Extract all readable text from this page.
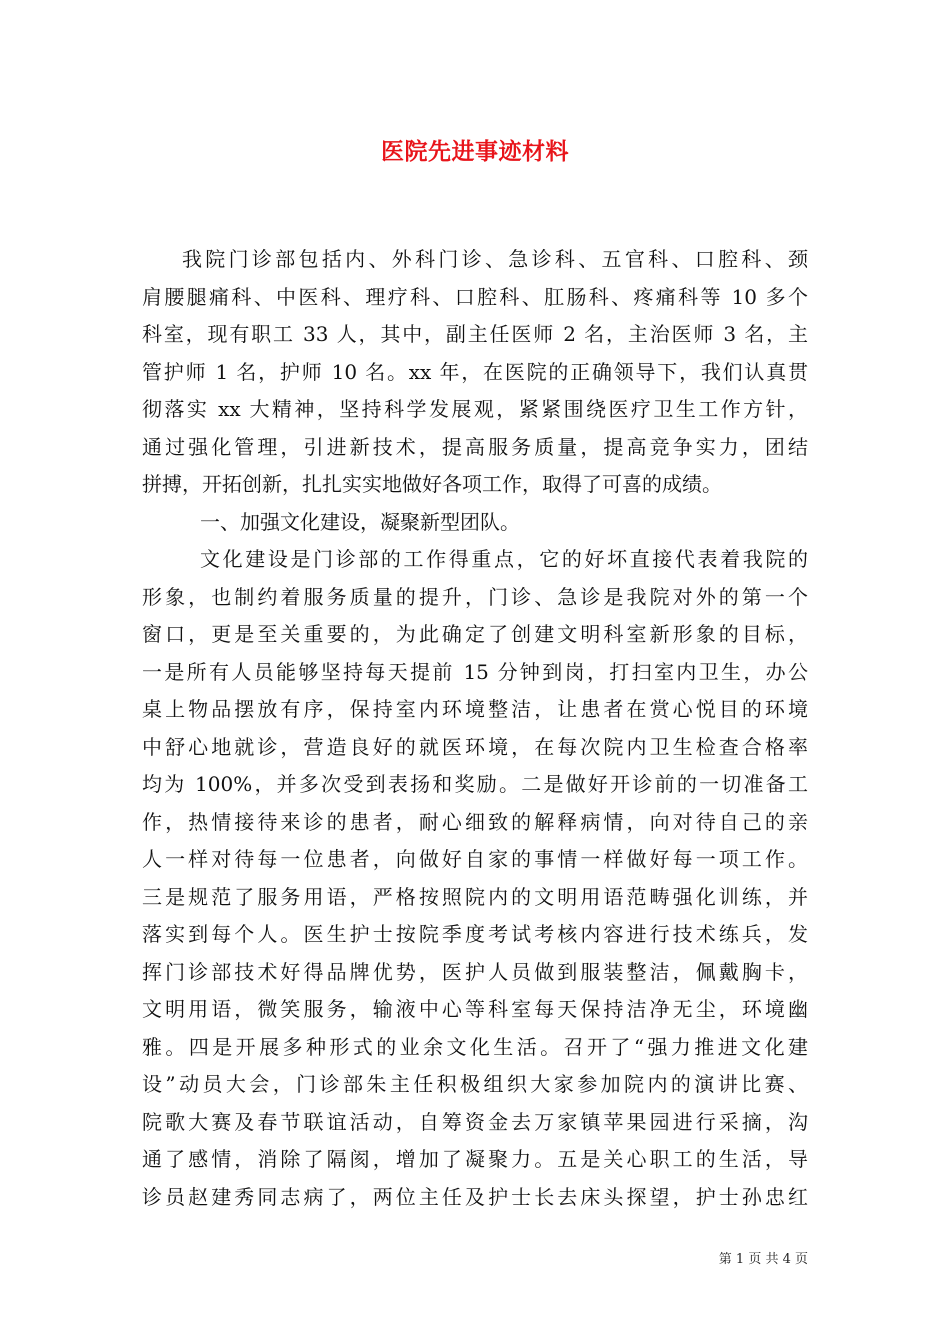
医院先进事迹材料
我院门诊部包括内、外科门诊、急诊科、五官科、口腔科、颈
肩腰腿痛科、中医科、理疗科、口腔科、肛肠科、疼痛科等 10 多个
科室，现有职工 33 人，其中，副主任医师 2 名，主治医师 3 名，主
管护师 1 名，护师 10 名。xx 年，在医院的正确领导下，我们认真贯
彻落实 xx 大精神，坚持科学发展观，紧紧围绕医疗卫生工作方针，
通过强化管理，引进新技术，提高服务质量，提高竞争实力，团结
拼搏，开拓创新，扎扎实实地做好各项工作，取得了可喜的成绩。
一、加强文化建设，凝聚新型团队。
文化建设是门诊部的工作得重点，它的好坏直接代表着我院的
形象，也制约着服务质量的提升，门诊、急诊是我院对外的第一个
窗口，更是至关重要的，为此确定了创建文明科室新形象的目标，
一是所有人员能够坚持每天提前 15 分钟到岗，打扫室内卫生，办公
桌上物品摆放有序，保持室内环境整洁，让患者在赏心悦目的环境
中舒心地就诊，营造良好的就医环境，在每次院内卫生检查合格率
均为 100%，并多次受到表扬和奖励。二是做好开诊前的一切准备工
作，热情接待来诊的患者，耐心细致的解释病情，向对待自己的亲
人一样对待每一位患者，向做好自家的事情一样做好每一项工作。
三是规范了服务用语，严格按照院内的文明用语范畴强化训练，并
落实到每个人。医生护士按院季度考试考核内容进行技术练兵，发
挥门诊部技术好得品牌优势，医护人员做到服装整洁，佩戴胸卡，
文明用语，微笑服务，输液中心等科室每天保持洁净无尘，环境幽
雅。四是开展多种形式的业余文化生活。召开了“强力推进文化建
设”动员大会，门诊部朱主任积极组织大家参加院内的演讲比赛、
院歌大赛及春节联谊活动，自筹资金去万家镇苹果园进行采摘，沟
通了感情，消除了隔阂，增加了凝聚力。五是关心职工的生活，导
诊员赵建秀同志病了，两位主任及护士长去床头探望，护士孙忠红
第 1 页 共 4 页
